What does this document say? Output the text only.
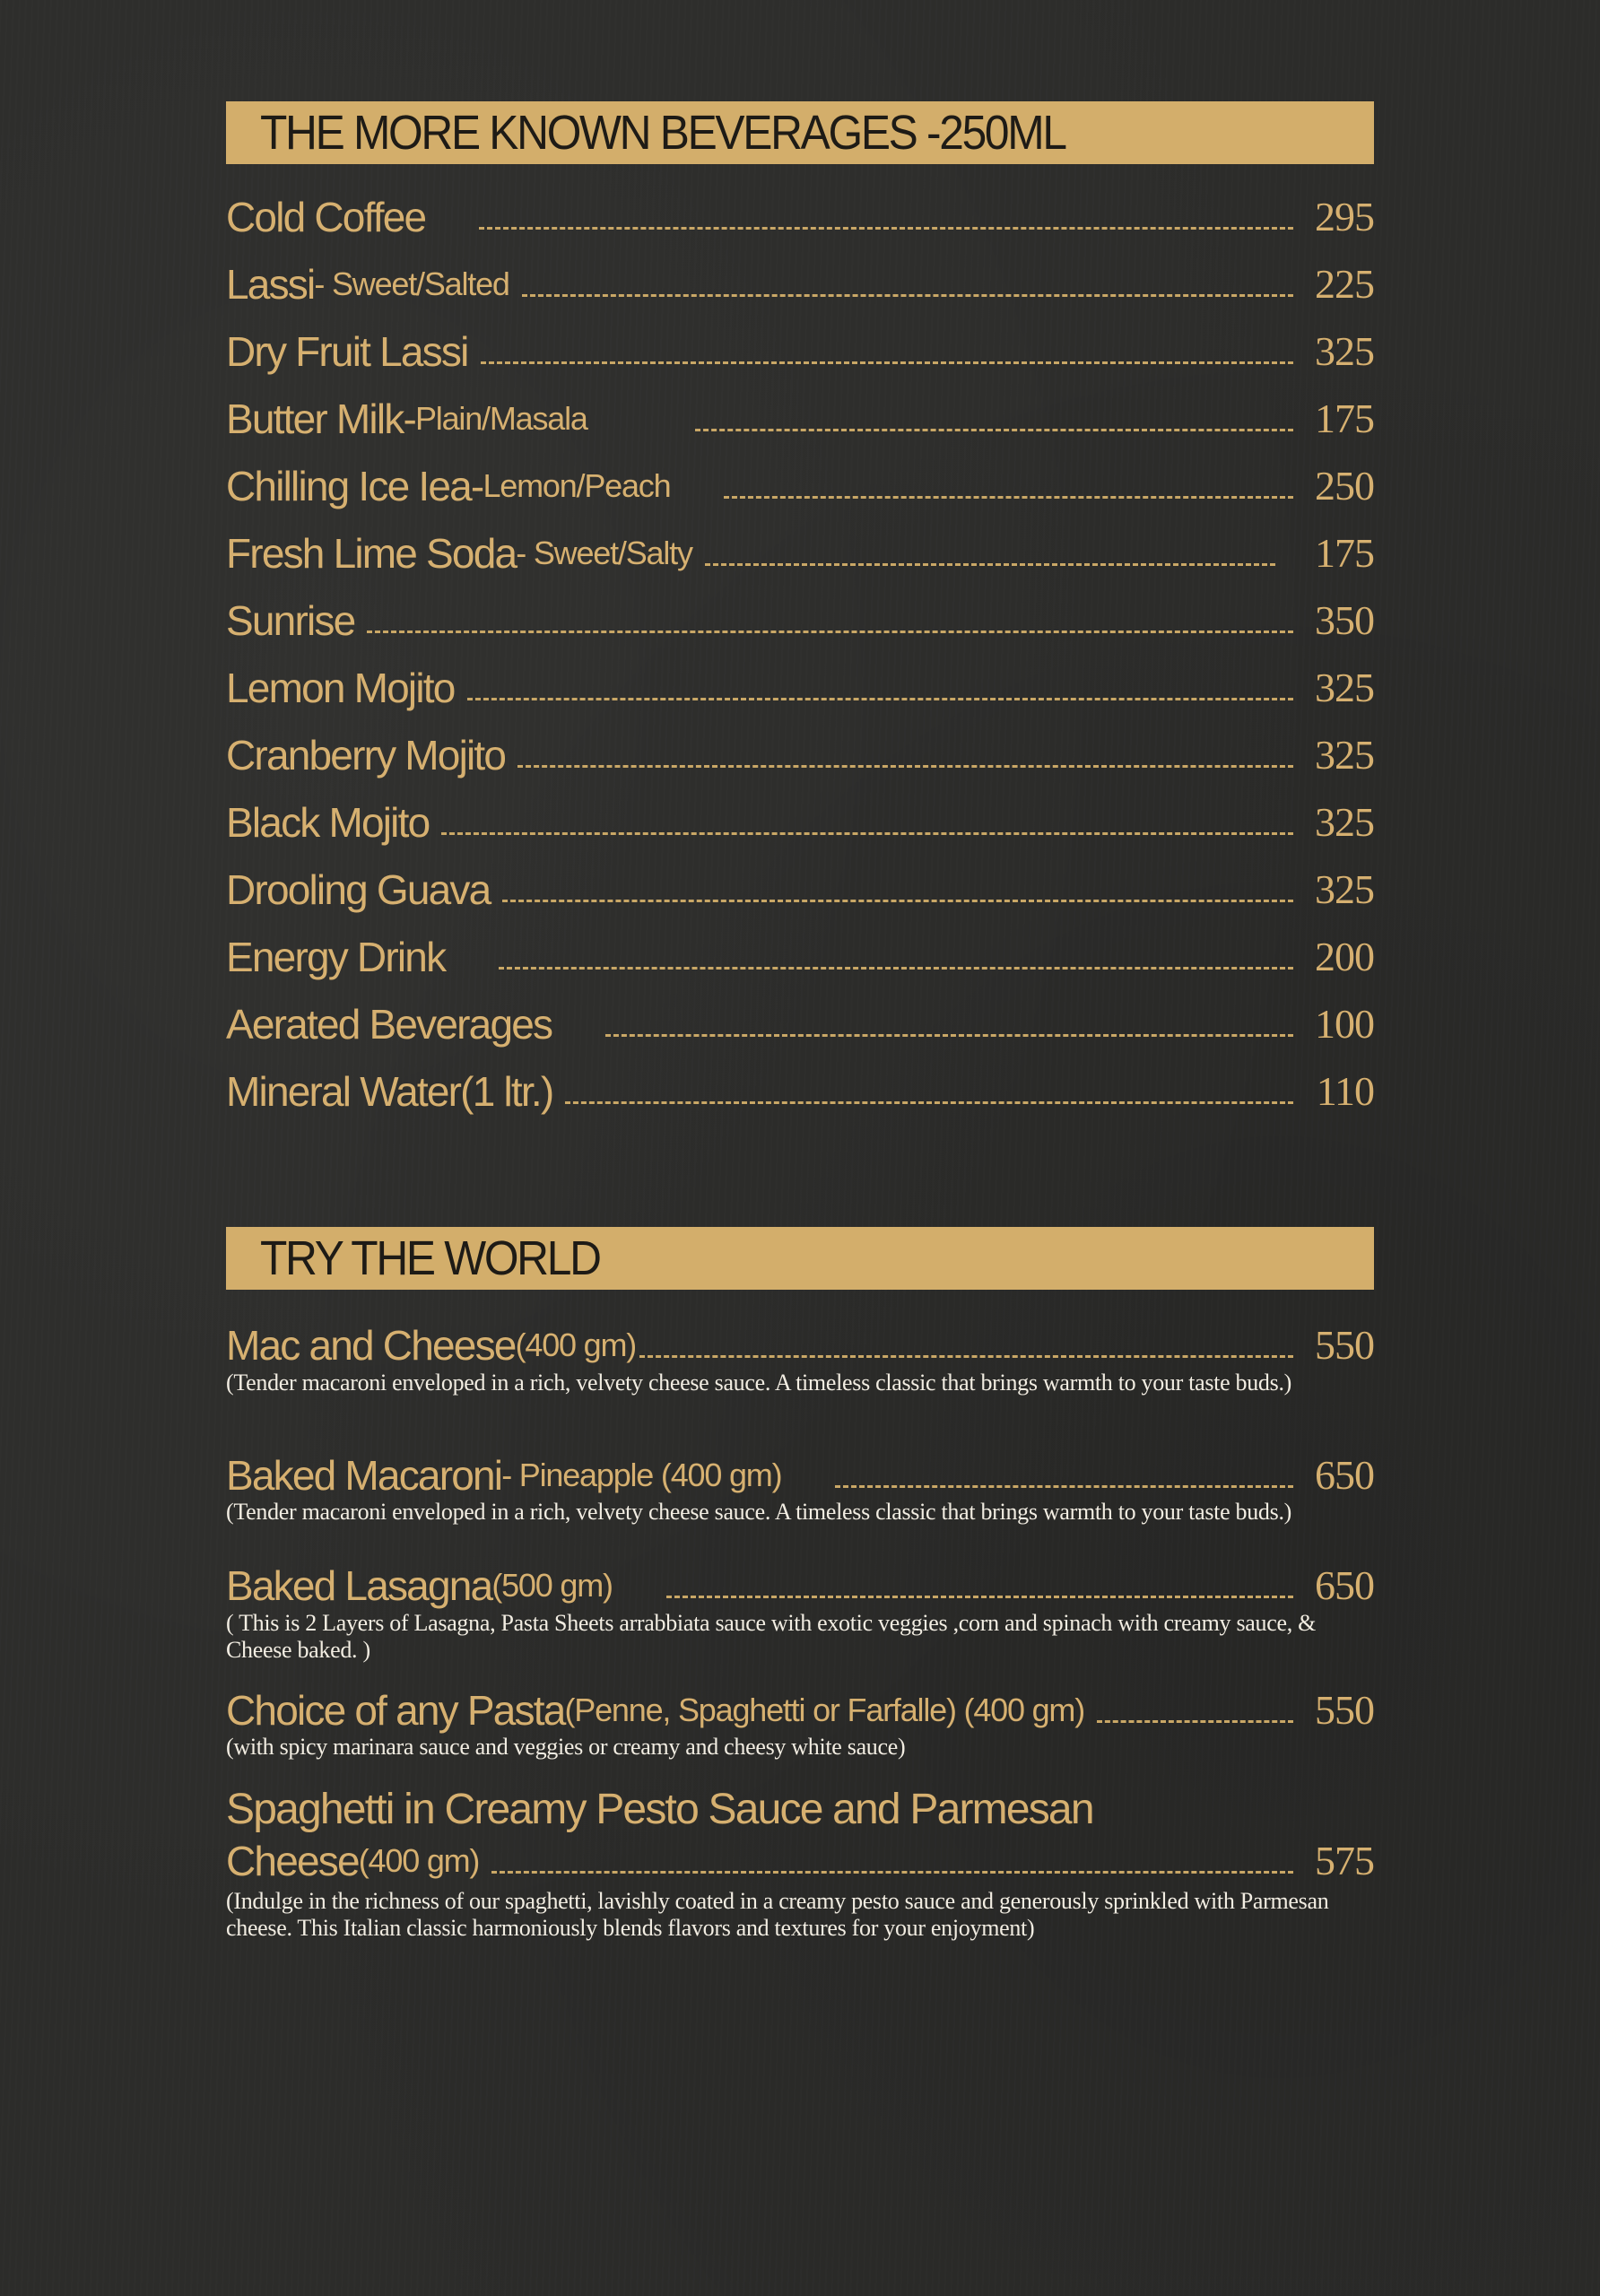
THE MORE KNOWN BEVERAGES -250ML
Cold Coffee	295
Lassi - Sweet/Salted	225
Dry Fruit Lassi	325
Butter Milk- Plain/Masala	175
Chilling Ice Iea- Lemon/Peach	250
Fresh Lime Soda - Sweet/Salty	175
Sunrise	350
Lemon Mojito	325
Cranberry Mojito	325
Black Mojito	325
Drooling Guava	325
Energy Drink	200
Aerated Beverages	100
Mineral Water(1 ltr.)	110
TRY THE WORLD
Mac and Cheese (400 gm)	550
(Tender macaroni enveloped in a rich, velvety cheese sauce. A timeless classic that brings warmth to your taste buds.)
Baked Macaroni - Pineapple (400 gm)	650
(Tender macaroni enveloped in a rich, velvety cheese sauce. A timeless classic that brings warmth to your taste buds.)
Baked Lasagna (500 gm)	650
( This is 2 Layers of Lasagna, Pasta Sheets arrabbiata sauce with exotic veggies ,corn and spinach with creamy sauce, & Cheese baked. )
Choice of any Pasta (Penne, Spaghetti or Farfalle) (400 gm)	550
(with spicy marinara sauce and veggies or creamy and cheesy white sauce)
Spaghetti in Creamy Pesto Sauce and Parmesan
Cheese (400 gm)	575
(Indulge in the richness of our spaghetti, lavishly coated in a creamy pesto sauce and generously sprinkled with Parmesan cheese. This Italian classic harmoniously blends flavors and textures for your enjoyment)
